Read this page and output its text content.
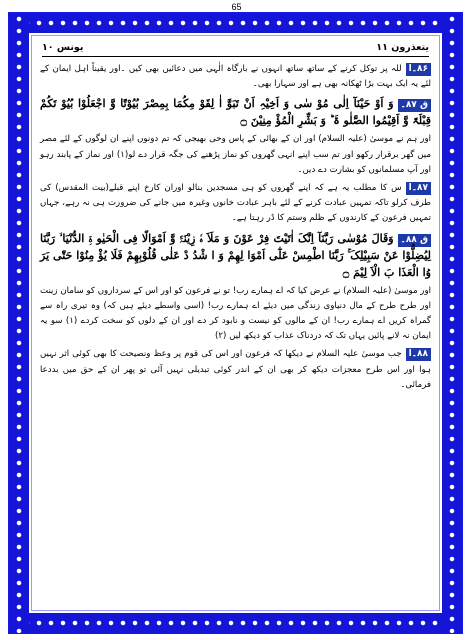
65
یتعذرون ۱۱
یونس ۱۰

۸۶۔اللہ پر توکل کرنے کے ساتھ ساتھ انہوں نے بارگاہ الٰہی میں دعائیں بھی کیں ۔اور یقیناً اہل ایمان کے لئے یہ ایک بہت بڑا ٹھکانہ بھی ہے اور سہارا بھی۔

ق ۸۷۔وَ اَوْ حَیْنَآ اِلٰی مُوْ سٰی وَ اَخِیْہِ اَنْ تَبَوَّ اٰ لِقَوْ مِکُمَا بِمِصْرَ بُیُوْتًا وَّ اجْعَلُوْا بُیُوْ تَکُمْ قِبْلَۃً وَّ اَقِیْمُوا الصَّلٰو ۃَ ؕ وَ بَشِّرِ الْمُؤْ مِنِیْنَ ۝

اور ہم نے موسیٰ (علیہ السلام) اور ان کے بھائی کے پاس وحی بھیجی کہ تم دونوں اپنے ان لوگوں کے لئے مصر میں گھر برقرار رکھو اور تم سب اپنے انہی گھروں کو نماز پڑھنے کی جگہ قرار دے لو(۱) اور نماز کے پابند رہو اور آپ مسلمانوں کو بشارت دے دیں۔

۸۷۔اس کا مطلب یہ ہے کہ اپنے گھروں کو ہی مسجدیں بنالو اوران کارخ اپنے قبلے(بیت المقدس) کی طرف کرلو تاکہ تمہیں عبادت کرنے کے لئے باہر عبادت خانوں وغیرہ میں جانے کی ضرورت ہی نہ رہے، جہاں تمہیں فرعون کے کارندوں کے ظلم وستم کا ڈر رہتا ہے۔

ق ۸۸۔وَقَالَ مُوْسٰی رَبَّنَآ اِنَّکَ اٰتَیْتَ فِرْ عَوْنَ وَ مَلَاَ ہٗ زِیْنَۃً وَّ اَمْوَالًا فِی الْحَیٰو ۃِ الدُّنْیَا ۙ رَبَّنَا لِیُضِلُّوْا عَنْ سَبِیْلِکَ ۚ رَبَّنَا اطْمِسْ عَلٰٓی اَمْوَا لِھِمْ وَ ا شْدُ دْ عَلٰی قُلُوْبِھِمْ فَلَا یُؤْ مِنُوْا حَتّٰی یَرَ وُا الْعَذَا بَ الْاَ لِیْمَ ۝

اور موسیٰ (علیہ السلام) نے عرض کیا کہ اے ہمارے رب! تو نے فرعون کو اور اس کے سرداروں کو سامان زینت اور طرح طرح کے مال دنیاوی زندگی میں دیئے اے ہمارے رب! (اسی واسطے دیئے ہیں کہ) وہ تیری راہ سے گمراہ کریں اے ہمارے رب! ان کے مالوں کو نیست و نابود کر دے اور ان کے دلوں کو سخت کردے (۱) سو یہ ایمان نہ لانے پائیں یہاں تک کہ دردناک عذاب کو دیکھ لیں (۲)

۸۸۔اجب موسیٰ علیہ السلام نے دیکھا کہ فرعون اور اس کی قوم پر وعظ ونصیحت کا بھی کوئی اثر نہیں ہوا اور اس طرح معجزات دیکھ کر بھی ان کے اندر کوئی تبدیلی نہیں آئی تو پھر ان کے حق میں بددعا فرمائی۔
